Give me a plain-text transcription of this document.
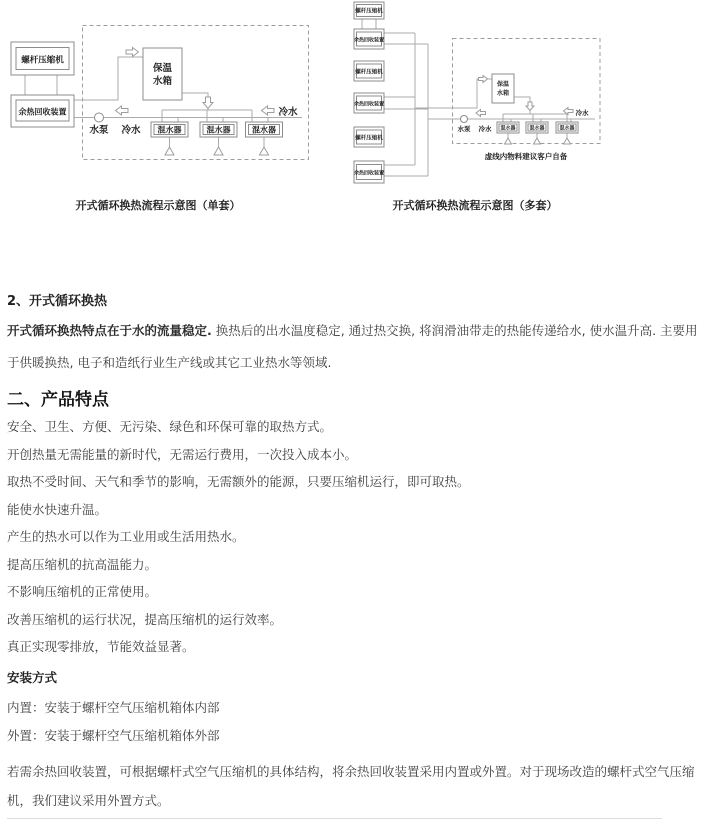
螺杆压缩机
余热回收装置
保温
水箱
混水器	混水器	混水器
水泵 冷水
冷水
开式循环换热流程示意图（单套）
螺杆压缩机
余热回收装置
螺杆压缩机
余热回收装置
螺杆压缩机
余热回收装置
保温
水箱
混水器	混水器	混水器
水泵 冷水
冷水
虚线内物料建议客户自备
开式循环换热流程示意图（多套）
2、开式循环换热

开式循环换热特点在于水的流量稳定. 换热后的出水温度稳定, 通过热交换, 将润滑油带走的热能传递给水, 使水温升高. 主要用于供暖换热, 电子和造纸行业生产线或其它工业热水等领域.

二、产品特点

安全、卫生、方便、无污染、绿色和环保可靠的取热方式。

开创热量无需能量的新时代，无需运行费用，一次投入成本小。

取热不受时间、天气和季节的影响，无需额外的能源，只要压缩机运行，即可取热。

能使水快速升温。

产生的热水可以作为工业用或生活用热水。

提高压缩机的抗高温能力。

不影响压缩机的正常使用。

改善压缩机的运行状况，提高压缩机的运行效率。

真正实现零排放，节能效益显著。

安装方式

内置：安装于螺杆空气压缩机箱体内部

外置：安装于螺杆空气压缩机箱体外部

若需余热回收装置，可根据螺杆式空气压缩机的具体结构，将余热回收装置采用内置或外置。对于现场改造的螺杆式空气压缩机，我们建议采用外置方式。
